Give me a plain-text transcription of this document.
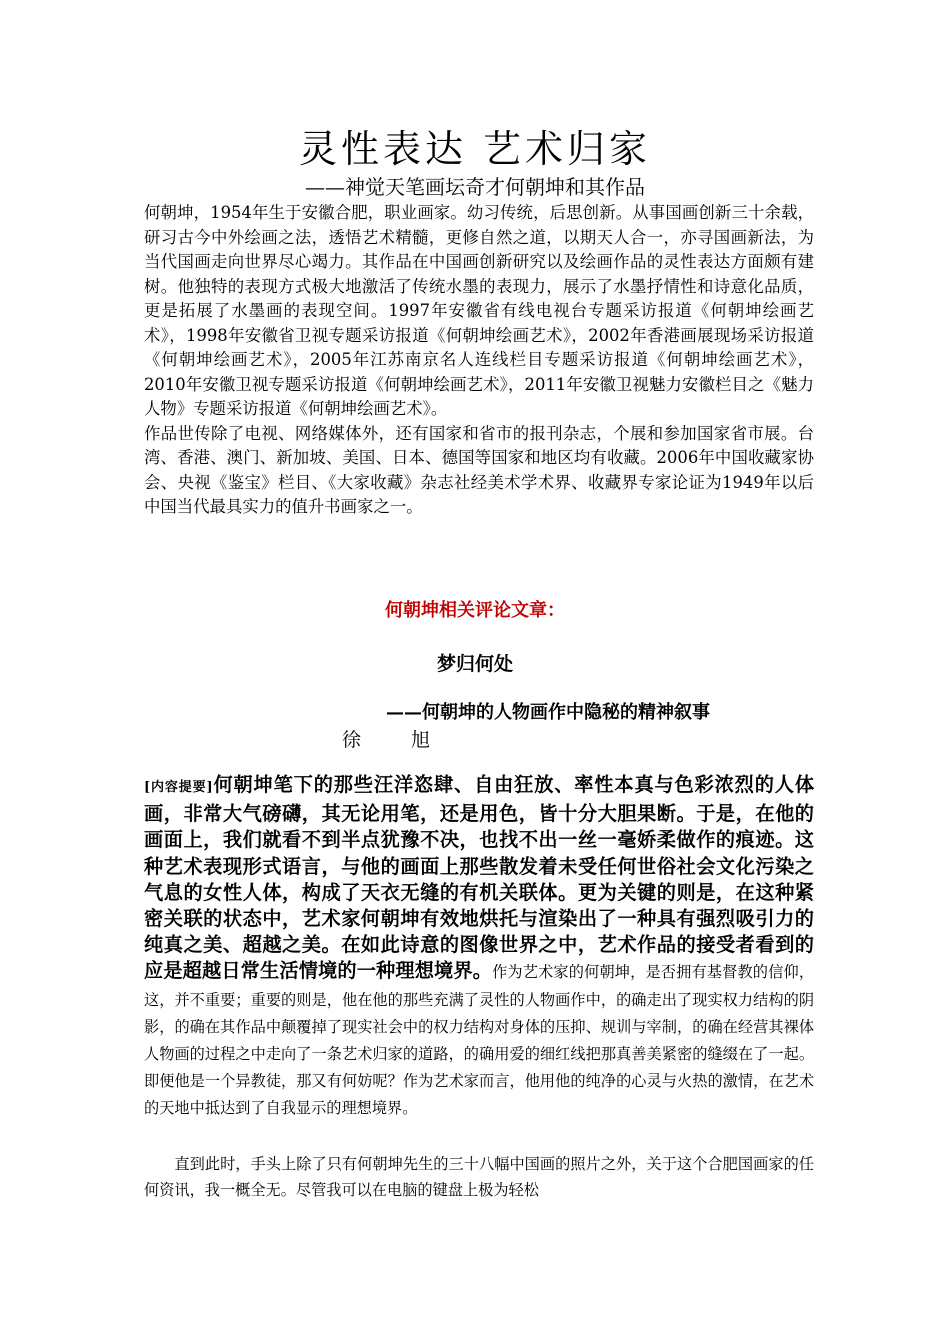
灵性表达 艺术归家
——神觉天笔画坛奇才何朝坤和其作品

何朝坤，1954年生于安徽合肥，职业画家。幼习传统，后思创新。从事国画创新三十余载，研习古今中外绘画之法，透悟艺术精髓，更修自然之道，以期天人合一，亦寻国画新法，为当代国画走向世界尽心竭力。其作品在中国画创新研究以及绘画作品的灵性表达方面颇有建树。他独特的表现方式极大地激活了传统水墨的表现力，展示了水墨抒情性和诗意化品质，更是拓展了水墨画的表现空间。1997年安徽省有线电视台专题采访报道《何朝坤绘画艺术》，1998年安徽省卫视专题采访报道《何朝坤绘画艺术》，2002年香港画展现场采访报道《何朝坤绘画艺术》，2005年江苏南京名人连线栏目专题采访报道《何朝坤绘画艺术》，2010年安徽卫视专题采访报道《何朝坤绘画艺术》，2011年安徽卫视魅力安徽栏目之《魅力人物》专题采访报道《何朝坤绘画艺术》。

作品世传除了电视、网络媒体外，还有国家和省市的报刊杂志，个展和参加国家省市展。台湾、香港、澳门、新加坡、美国、日本、德国等国家和地区均有收藏。2006年中国收藏家协会、央视《鉴宝》栏目、《大家收藏》杂志社经美术学术界、收藏界专家论证为1949年以后中国当代最具实力的值升书画家之一。

何朝坤相关评论文章：
梦归何处
——何朝坤的人物画作中隐秘的精神叙事
徐 旭
[内容提要]何朝坤笔下的那些汪洋恣肆、自由狂放、率性本真与色彩浓烈的人体画，非常大气磅礴，其无论用笔，还是用色，皆十分大胆果断。于是，在他的画面上，我们就看不到半点犹豫不决，也找不出一丝一毫娇柔做作的痕迹。这种艺术表现形式语言，与他的画面上那些散发着未受任何世俗社会文化污染之气息的女性人体，构成了天衣无缝的有机关联体。更为关键的则是，在这种紧密关联的状态中，艺术家何朝坤有效地烘托与渲染出了一种具有强烈吸引力的纯真之美、超越之美。在如此诗意的图像世界之中，艺术作品的接受者看到的应是超越日常生活情境的一种理想境界。作为艺术家的何朝坤，是否拥有基督教的信仰，这，并不重要；重要的则是，他在他的那些充满了灵性的人物画作中，的确走出了现实权力结构的阴影，的确在其作品中颠覆掉了现实社会中的权力结构对身体的压抑、规训与宰制，的确在经营其裸体人物画的过程之中走向了一条艺术归家的道路，的确用爱的细红线把那真善美紧密的缝缀在了一起。即便他是一个异教徒，那又有何妨呢？作为艺术家而言，他用他的纯净的心灵与火热的激情，在艺术的天地中抵达到了自我显示的理想境界。

直到此时，手头上除了只有何朝坤先生的三十八幅中国画的照片之外，关于这个合肥国画家的任何资讯，我一概全无。尽管我可以在电脑的键盘上极为轻松
